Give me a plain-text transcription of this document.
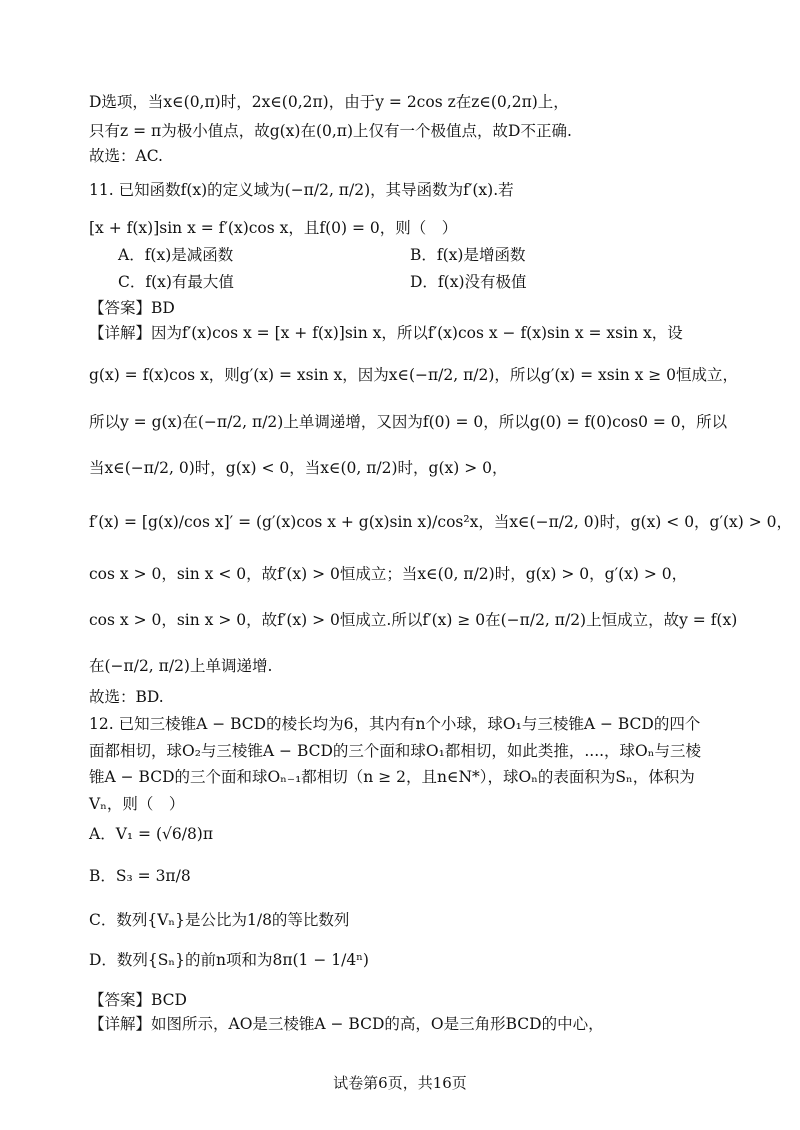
D选项，当x∈(0,π)时，2x∈(0,2π)，由于y = 2cos z在z∈(0,2π)上，
只有z = π为极小值点，故g(x)在(0,π)上仅有一个极值点，故D不正确.
故选：AC.
11. 已知函数f(x)的定义域为(−π/2, π/2)，其导函数为f′(x).若
[x + f(x)]sin x = f′(x)cos x，且f(0) = 0，则（　）
A．f(x)是减函数	B．f(x)是增函数
C．f(x)有最大值	D．f(x)没有极值
【答案】BD
【详解】因为f′(x)cos x = [x + f(x)]sin x，所以f′(x)cos x − f(x)sin x = xsin x，设
g(x) = f(x)cos x，则g′(x) = xsin x，因为x∈(−π/2, π/2)，所以g′(x) = xsin x ≥ 0恒成立，
所以y = g(x)在(−π/2, π/2)上单调递增，又因为f(0) = 0，所以g(0) = f(0)cos0 = 0，所以
当x∈(−π/2, 0)时，g(x) < 0，当x∈(0, π/2)时，g(x) > 0，
f′(x) = [g(x)/cos x]′ = (g′(x)cos x + g(x)sin x)/cos²x，当x∈(−π/2, 0)时，g(x) < 0，g′(x) > 0，
cos x > 0，sin x < 0，故f′(x) > 0恒成立；当x∈(0, π/2)时，g(x) > 0，g′(x) > 0，
cos x > 0，sin x > 0，故f′(x) > 0恒成立.所以f′(x) ≥ 0在(−π/2, π/2)上恒成立，故y = f(x)
在(−π/2, π/2)上单调递增.
故选：BD.
12. 已知三棱锥A − BCD的棱长均为6，其内有n个小球，球O₁与三棱锥A − BCD的四个
面都相切，球O₂与三棱锥A − BCD的三个面和球O₁都相切，如此类推，....，球Oₙ与三棱
锥A − BCD的三个面和球Oₙ₋₁都相切（n ≥ 2，且n∈N*），球Oₙ的表面积为Sₙ，体积为
Vₙ，则（　）
A．V₁ = (√6/8)π
B．S₃ = 3π/8
C．数列{Vₙ}是公比为1/8的等比数列
D．数列{Sₙ}的前n项和为8π(1 − 1/4ⁿ)
【答案】BCD
【详解】如图所示，AO是三棱锥A − BCD的高，O是三角形BCD的中心，
试卷第6页，共16页
